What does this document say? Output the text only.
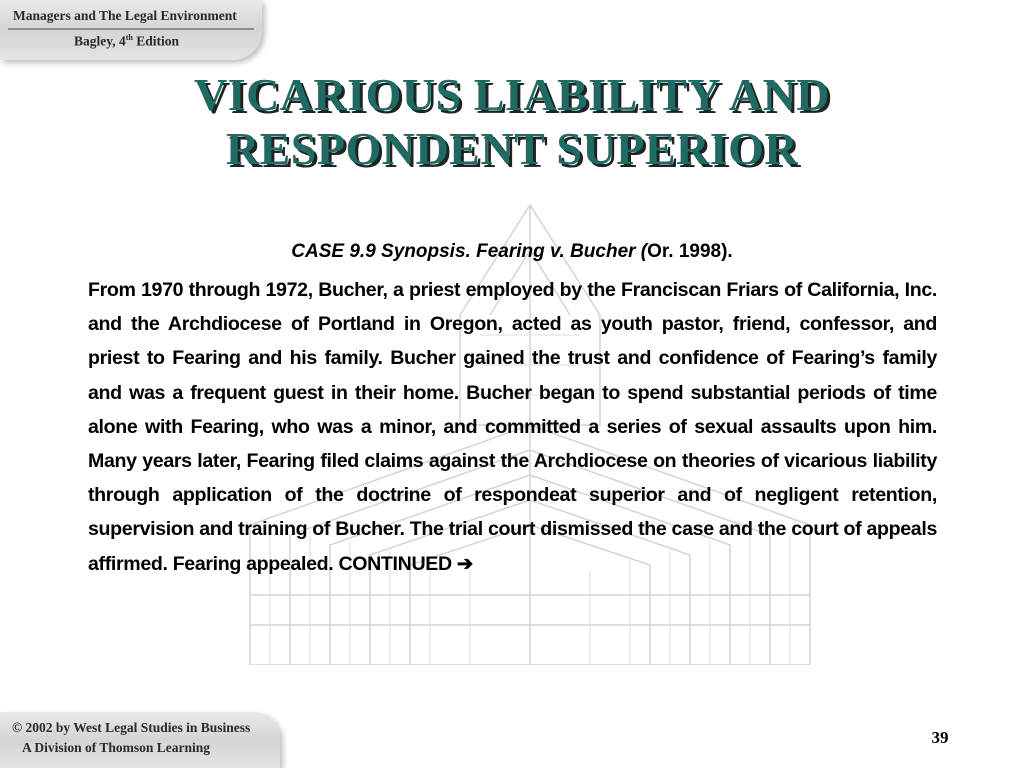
Managers and The Legal Environment
Bagley, 4th Edition
VICARIOUS LIABILITY AND
RESPONDENT SUPERIOR
CASE 9.9 Synopsis. Fearing v. Bucher (Or. 1998).

From 1970 through 1972, Bucher, a priest employed by the Franciscan Friars of California, Inc. and the Archdiocese of Portland in Oregon, acted as youth pastor, friend, confessor, and priest to Fearing and his family. Bucher gained the trust and confidence of Fearing’s family and was a frequent guest in their home. Bucher began to spend substantial periods of time alone with Fearing, who was a minor, and committed a series of sexual assaults upon him. Many years later, Fearing filed claims against the Archdiocese on theories of vicarious liability through application of the doctrine of respondeat superior and of negligent retention, supervision and training of Bucher. The trial court dismissed the case and the court of appeals affirmed. Fearing appealed. CONTINUED ➔

© 2002 by West Legal Studies in Business
A Division of Thomson Learning
39
